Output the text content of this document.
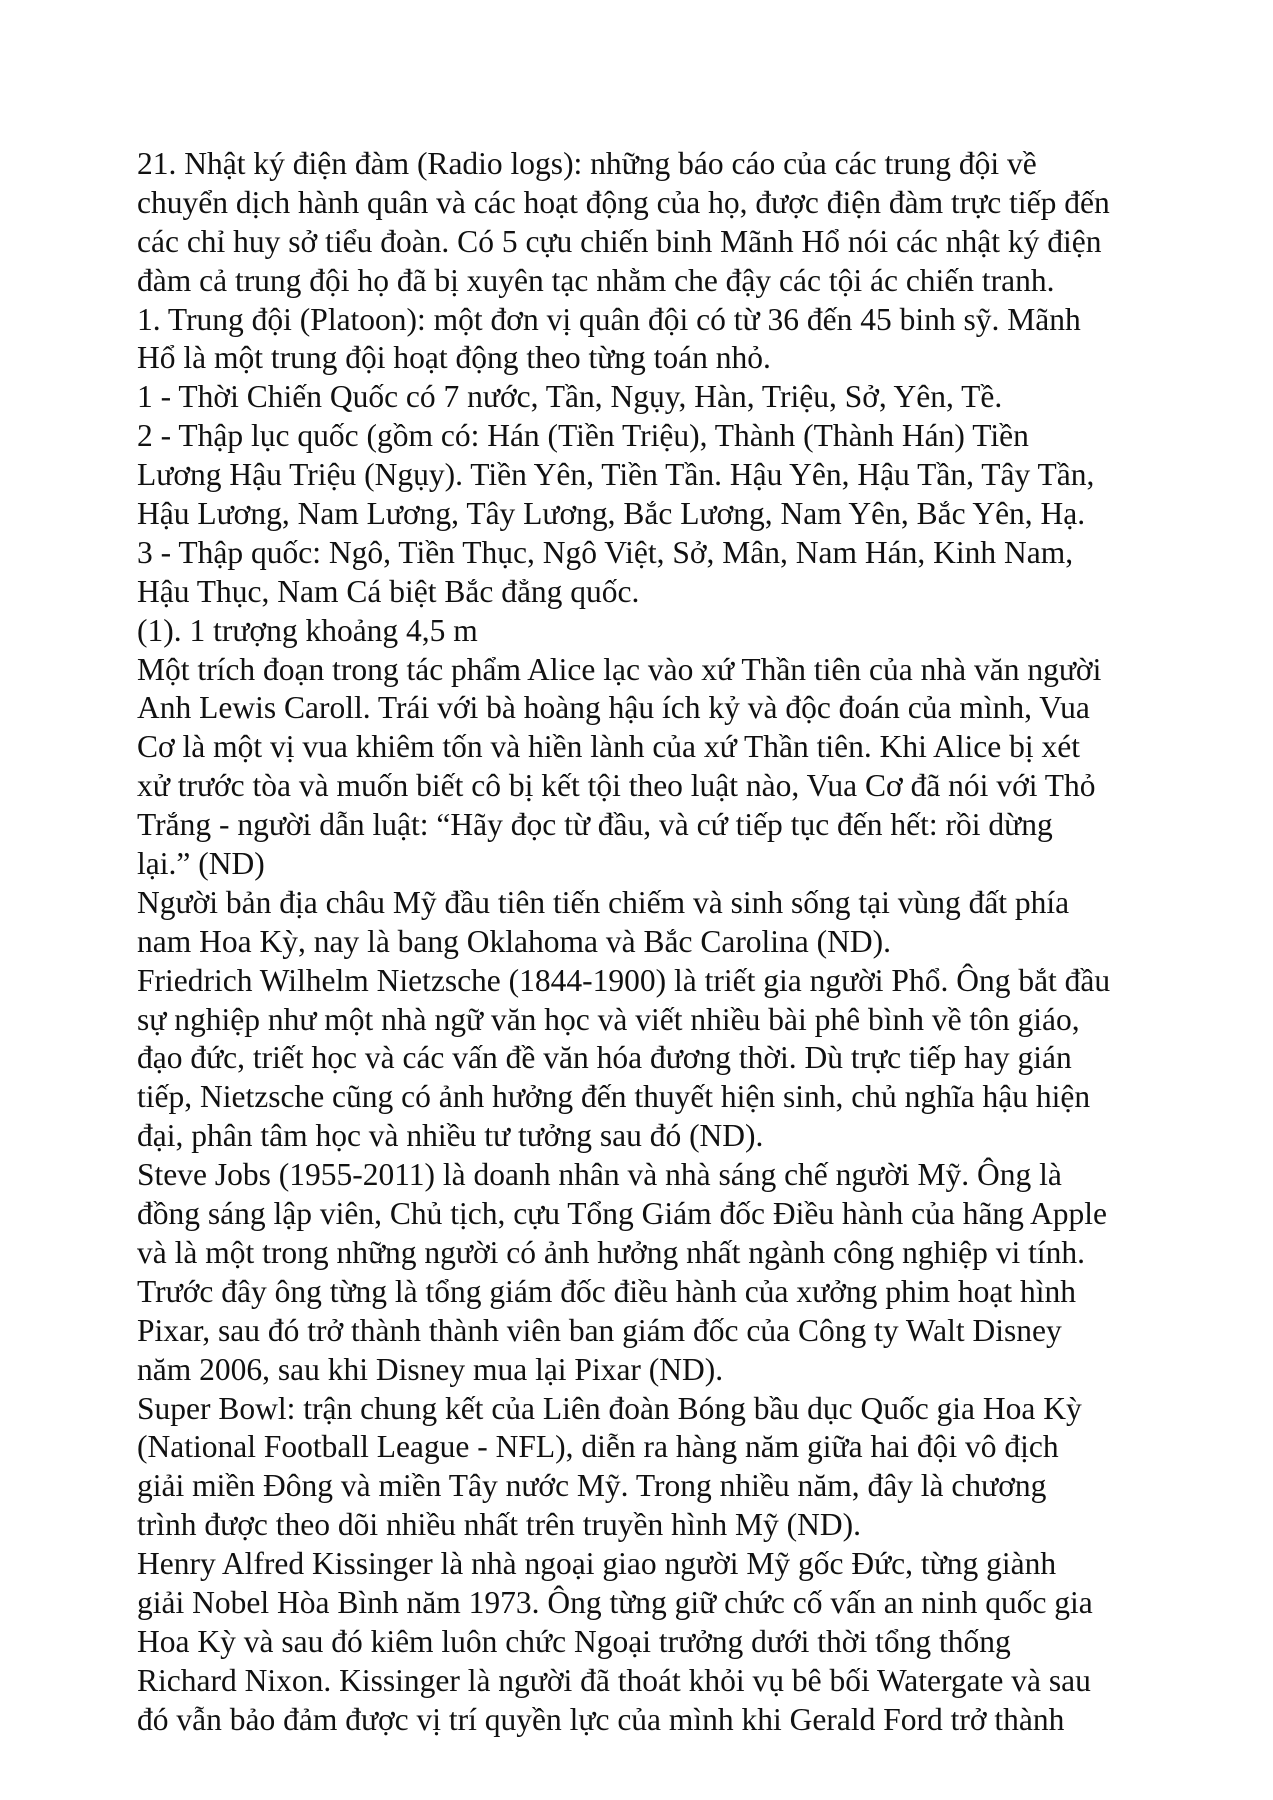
21. Nhật ký điện đàm (Radio logs): những báo cáo của các trung đội về
chuyển dịch hành quân và các hoạt động của họ, được điện đàm trực tiếp đến
các chỉ huy sở tiểu đoàn. Có 5 cựu chiến binh Mãnh Hổ nói các nhật ký điện
đàm cả trung đội họ đã bị xuyên tạc nhằm che đậy các tội ác chiến tranh.
1. Trung đội (Platoon): một đơn vị quân đội có từ 36 đến 45 binh sỹ. Mãnh
Hổ là một trung đội hoạt động theo từng toán nhỏ.
1 - Thời Chiến Quốc có 7 nước, Tần, Ngụy, Hàn, Triệu, Sở, Yên, Tề.
2 - Thập lục quốc (gồm có: Hán (Tiền Triệu), Thành (Thành Hán) Tiền
Lương Hậu Triệu (Ngụy). Tiền Yên, Tiền Tần. Hậu Yên, Hậu Tần, Tây Tần,
Hậu Lương, Nam Lương, Tây Lương, Bắc Lương, Nam Yên, Bắc Yên, Hạ.
3 - Thập quốc: Ngô, Tiền Thục, Ngô Việt, Sở, Mân, Nam Hán, Kinh Nam,
Hậu Thục, Nam Cá biệt Bắc đẳng quốc.
(1). 1 trượng khoảng 4,5 m
Một trích đoạn trong tác phẩm Alice lạc vào xứ Thần tiên của nhà văn người
Anh Lewis Caroll. Trái với bà hoàng hậu ích kỷ và độc đoán của mình, Vua
Cơ là một vị vua khiêm tốn và hiền lành của xứ Thần tiên. Khi Alice bị xét
xử trước tòa và muốn biết cô bị kết tội theo luật nào, Vua Cơ đã nói với Thỏ
Trắng - người dẫn luật: “Hãy đọc từ đầu, và cứ tiếp tục đến hết: rồi dừng
lại.” (ND)
Người bản địa châu Mỹ đầu tiên tiến chiếm và sinh sống tại vùng đất phía
nam Hoa Kỳ, nay là bang Oklahoma và Bắc Carolina (ND).
Friedrich Wilhelm Nietzsche (1844-1900) là triết gia người Phổ. Ông bắt đầu
sự nghiệp như một nhà ngữ văn học và viết nhiều bài phê bình về tôn giáo,
đạo đức, triết học và các vấn đề văn hóa đương thời. Dù trực tiếp hay gián
tiếp, Nietzsche cũng có ảnh hưởng đến thuyết hiện sinh, chủ nghĩa hậu hiện
đại, phân tâm học và nhiều tư tưởng sau đó (ND).
Steve Jobs (1955-2011) là doanh nhân và nhà sáng chế người Mỹ. Ông là
đồng sáng lập viên, Chủ tịch, cựu Tổng Giám đốc Điều hành của hãng Apple
và là một trong những người có ảnh hưởng nhất ngành công nghiệp vi tính.
Trước đây ông từng là tổng giám đốc điều hành của xưởng phim hoạt hình
Pixar, sau đó trở thành thành viên ban giám đốc của Công ty Walt Disney
năm 2006, sau khi Disney mua lại Pixar (ND).
Super Bowl: trận chung kết của Liên đoàn Bóng bầu dục Quốc gia Hoa Kỳ
(National Football League - NFL), diễn ra hàng năm giữa hai đội vô địch
giải miền Đông và miền Tây nước Mỹ. Trong nhiều năm, đây là chương
trình được theo dõi nhiều nhất trên truyền hình Mỹ (ND).
Henry Alfred Kissinger là nhà ngoại giao người Mỹ gốc Đức, từng giành
giải Nobel Hòa Bình năm 1973. Ông từng giữ chức cố vấn an ninh quốc gia
Hoa Kỳ và sau đó kiêm luôn chức Ngoại trưởng dưới thời tổng thống
Richard Nixon. Kissinger là người đã thoát khỏi vụ bê bối Watergate và sau
đó vẫn bảo đảm được vị trí quyền lực của mình khi Gerald Ford trở thành
